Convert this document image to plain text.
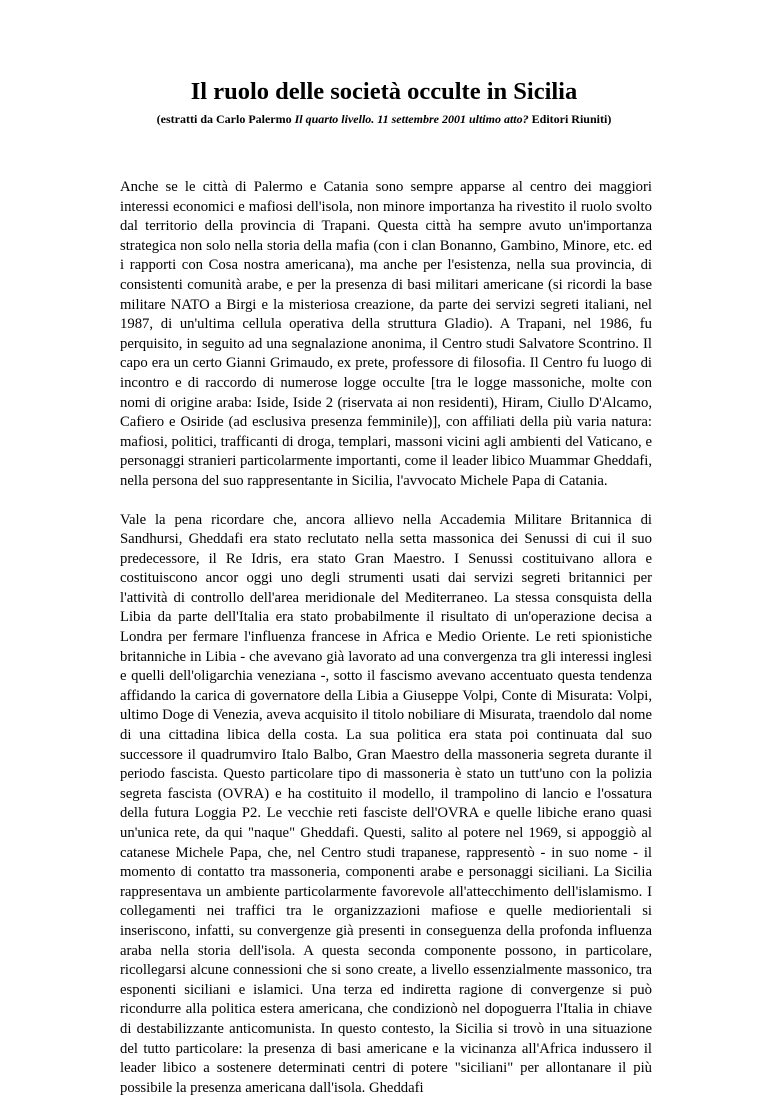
Il ruolo delle società occulte in Sicilia
(estratti da Carlo Palermo Il quarto livello. 11 settembre 2001 ultimo atto? Editori Riuniti)

Anche se le città di Palermo e Catania sono sempre apparse al centro dei maggiori interessi economici e mafiosi dell'isola, non minore importanza ha rivestito il ruolo svolto dal territorio della provincia di Trapani. Questa città ha sempre avuto un'importanza strategica non solo nella storia della mafia (con i clan Bonanno, Gambino, Minore, etc. ed i rapporti con Cosa nostra americana), ma anche per l'esistenza, nella sua provincia, di consistenti comunità arabe, e per la presenza di basi militari americane (si ricordi la base militare NATO a Birgi e la misteriosa creazione, da parte dei servizi segreti italiani, nel 1987, di un'ultima cellula operativa della struttura Gladio). A Trapani, nel 1986, fu perquisito, in seguito ad una segnalazione anonima, il Centro studi Salvatore Scontrino. Il capo era un certo Gianni Grimaudo, ex prete, professore di filosofia. Il Centro fu luogo di incontro e di raccordo di numerose logge occulte [tra le logge massoniche, molte con nomi di origine araba: Iside, Iside 2 (riservata ai non residenti), Hiram, Ciullo D'Alcamo, Cafiero e Osiride (ad esclusiva presenza femminile)], con affiliati della più varia natura: mafiosi, politici, trafficanti di droga, templari, massoni vicini agli ambienti del Vaticano, e personaggi stranieri particolarmente importanti, come il leader libico Muammar Gheddafi, nella persona del suo rappresentante in Sicilia, l'avvocato Michele Papa di Catania.

Vale la pena ricordare che, ancora allievo nella Accademia Militare Britannica di Sandhursi, Gheddafi era stato reclutato nella setta massonica dei Senussi di cui il suo predecessore, il Re Idris, era stato Gran Maestro. I Senussi costituivano allora e costituiscono ancor oggi uno degli strumenti usati dai servizi segreti britannici per l'attività di controllo dell'area meridionale del Mediterraneo. La stessa consquista della Libia da parte dell'Italia era stato probabilmente il risultato di un'operazione decisa a Londra per fermare l'influenza francese in Africa e Medio Oriente. Le reti spionistiche britanniche in Libia - che avevano già lavorato ad una convergenza tra gli interessi inglesi e quelli dell'oligarchia veneziana -, sotto il fascismo avevano accentuato questa tendenza affidando la carica di governatore della Libia a Giuseppe Volpi, Conte di Misurata: Volpi, ultimo Doge di Venezia, aveva acquisito il titolo nobiliare di Misurata, traendolo dal nome di una cittadina libica della costa. La sua politica era stata poi continuata dal suo successore il quadrumviro Italo Balbo, Gran Maestro della massoneria segreta durante il periodo fascista. Questo particolare tipo di massoneria è stato un tutt'uno con la polizia segreta fascista (OVRA) e ha costituito il modello, il trampolino di lancio e l'ossatura della futura Loggia P2. Le vecchie reti fasciste dell'OVRA e quelle libiche erano quasi un'unica rete, da qui "naque" Gheddafi. Questi, salito al potere nel 1969, si appoggiò al catanese Michele Papa, che, nel Centro studi trapanese, rappresentò - in suo nome - il momento di contatto tra massoneria, componenti arabe e personaggi siciliani. La Sicilia rappresentava un ambiente particolarmente favorevole all'attecchimento dell'islamismo. I collegamenti nei traffici tra le organizzazioni mafiose e quelle mediorientali si inseriscono, infatti, su convergenze già presenti in conseguenza della profonda influenza araba nella storia dell'isola. A questa seconda componente possono, in particolare, ricollegarsi alcune connessioni che si sono create, a livello essenzialmente massonico, tra esponenti siciliani e islamici. Una terza ed indiretta ragione di convergenze si può ricondurre alla politica estera americana, che condizionò nel dopoguerra l'Italia in chiave di destabilizzante anticomunista. In questo contesto, la Sicilia si trovò in una situazione del tutto particolare: la presenza di basi americane e la vicinanza all'Africa indussero il leader libico a sostenere determinati centri di potere "siciliani" per allontanare il più possibile la presenza americana dall'isola. Gheddafi
